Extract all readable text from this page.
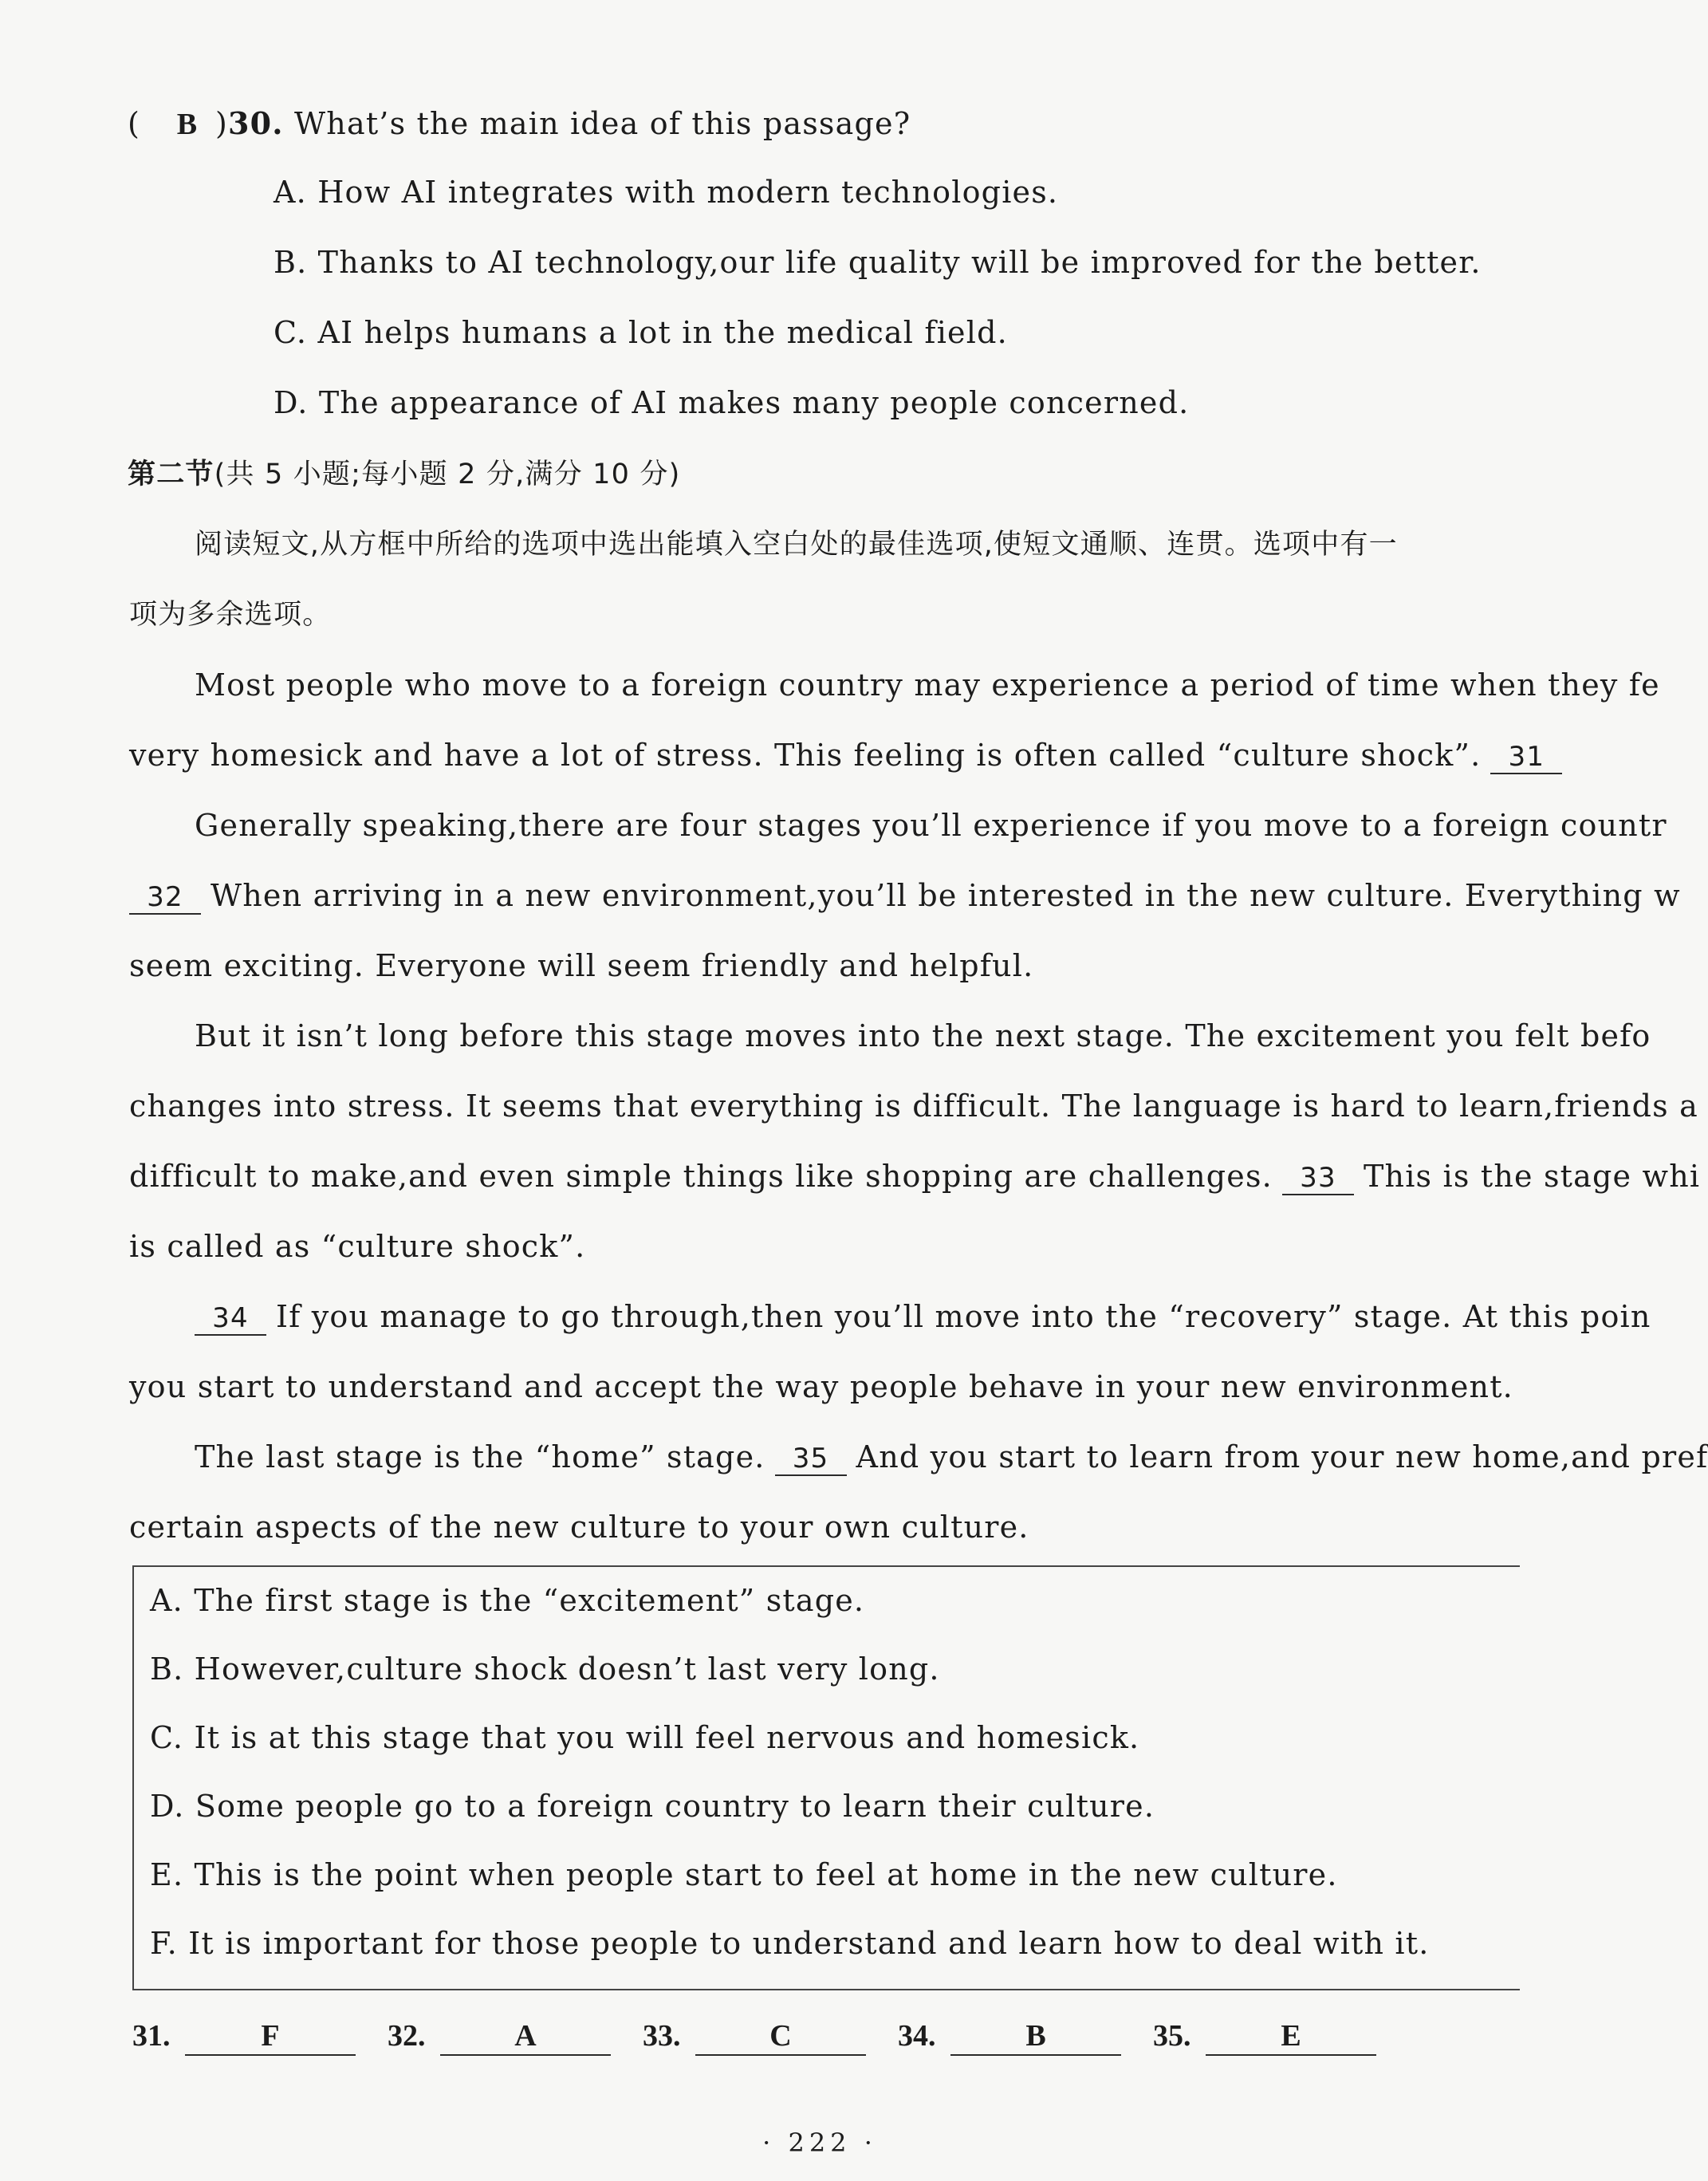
( B )30. What’s the main idea of this passage?
A. How AI integrates with modern technologies.
B. Thanks to AI technology,our life quality will be improved for the better.
C. AI helps humans a lot in the medical field.
D. The appearance of AI makes many people concerned.
第二节(共 5 小题;每小题 2 分,满分 10 分)
阅读短文,从方框中所给的选项中选出能填入空白处的最佳选项,使短文通顺、连贯。选项中有一
项为多余选项。
Most people who move to a foreign country may experience a period of time when they fe
very homesick and have a lot of stress. This feeling is often called “culture shock”. 31
Generally speaking,there are four stages you’ll experience if you move to a foreign countr
32 When arriving in a new environment,you’ll be interested in the new culture. Everything w
seem exciting. Everyone will seem friendly and helpful.
But it isn’t long before this stage moves into the next stage. The excitement you felt befo
changes into stress. It seems that everything is difficult. The language is hard to learn,friends a
difficult to make,and even simple things like shopping are challenges. 33 This is the stage whi
is called as “culture shock”.
34 If you manage to go through,then you’ll move into the “recovery” stage. At this poin
you start to understand and accept the way people behave in your new environment.
The last stage is the “home” stage. 35 And you start to learn from your new home,and pref
certain aspects of the new culture to your own culture.
A. The first stage is the “excitement” stage.
B. However,culture shock doesn’t last very long.
C. It is at this stage that you will feel nervous and homesick.
D. Some people go to a foreign country to learn their culture.
E. This is the point when people start to feel at home in the new culture.
F. It is important for those people to understand and learn how to deal with it.
31.	F	32.	A	33.	C	34.	B	35.	E
· 222 ·
